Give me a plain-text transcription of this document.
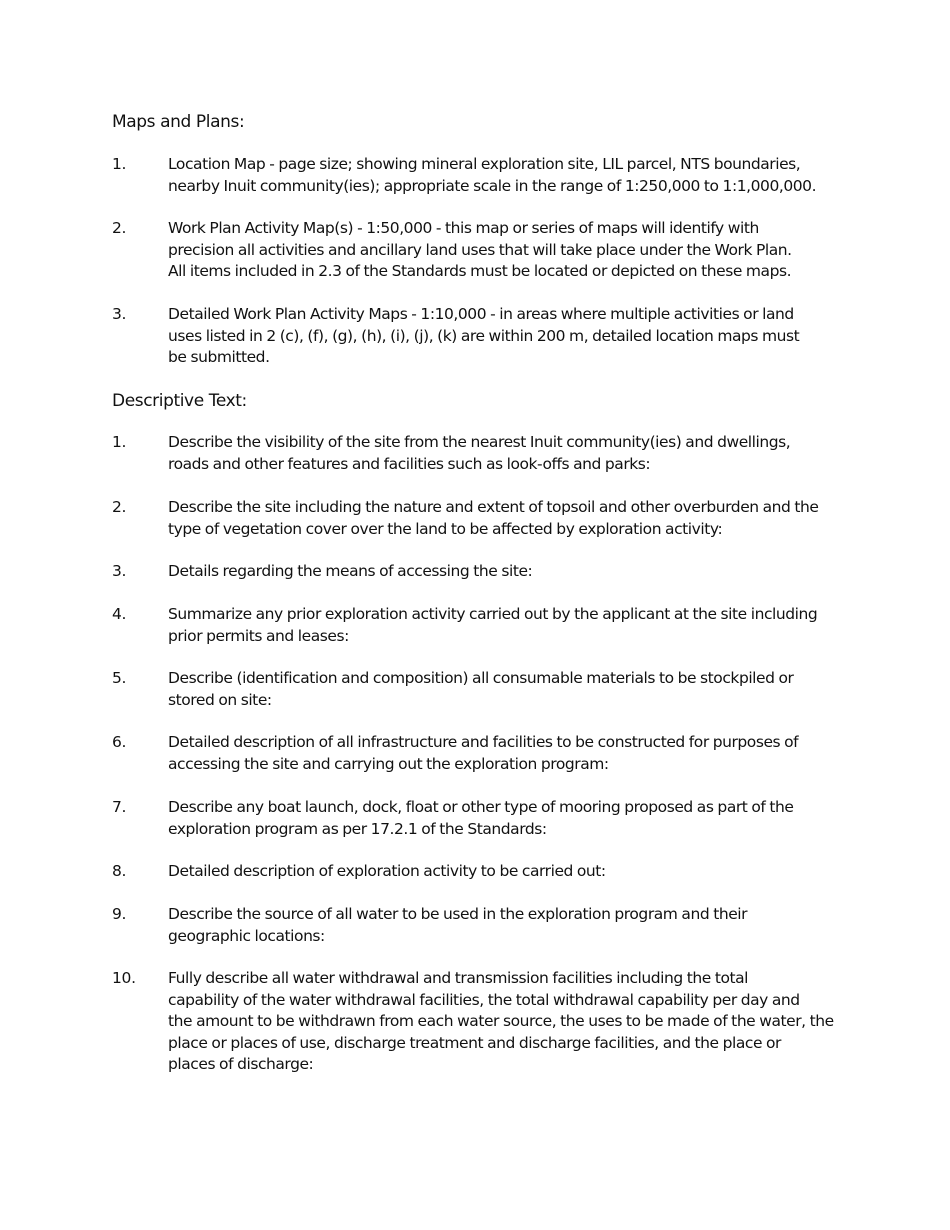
Maps and Plans:
1.	Location Map - page size; showing mineral exploration site, LIL parcel, NTS boundaries,
nearby Inuit community(ies); appropriate scale in the range of 1:250,000 to 1:1,000,000.
2.	Work Plan Activity Map(s) - 1:50,000 - this map or series of maps will identify with
precision all activities and ancillary land uses that will take place under the Work Plan.
All items included in 2.3 of the Standards must be located or depicted on these maps.
3.	Detailed Work Plan Activity Maps - 1:10,000 - in areas where multiple activities or land
uses listed in 2 (c), (f), (g), (h), (i), (j), (k) are within 200 m, detailed location maps must
be submitted.
Descriptive Text:
1.	Describe the visibility of the site from the nearest Inuit community(ies) and dwellings,
roads and other features and facilities such as look-offs and parks:
2.	Describe the site including the nature and extent of topsoil and other overburden and the
type of vegetation cover over the land to be affected by exploration activity:
3.	Details regarding the means of accessing the site:
4.	Summarize any prior exploration activity carried out by the applicant at the site including
prior permits and leases:
5.	Describe (identification and composition) all consumable materials to be stockpiled or
stored on site:
6.	Detailed description of all infrastructure and facilities to be constructed for purposes of
accessing the site and carrying out the exploration program:
7.	Describe any boat launch, dock, float or other type of mooring proposed as part of the
exploration program as per 17.2.1 of the Standards:
8.	Detailed description of exploration activity to be carried out:
9.	Describe the source of all water to be used in the exploration program and their
geographic locations:
10. Fully describe all water withdrawal and transmission facilities including the total
capability of the water withdrawal facilities, the total withdrawal capability per day and
the amount to be withdrawn from each water source, the uses to be made of the water, the
place or places of use, discharge treatment and discharge facilities, and the place or
places of discharge:
